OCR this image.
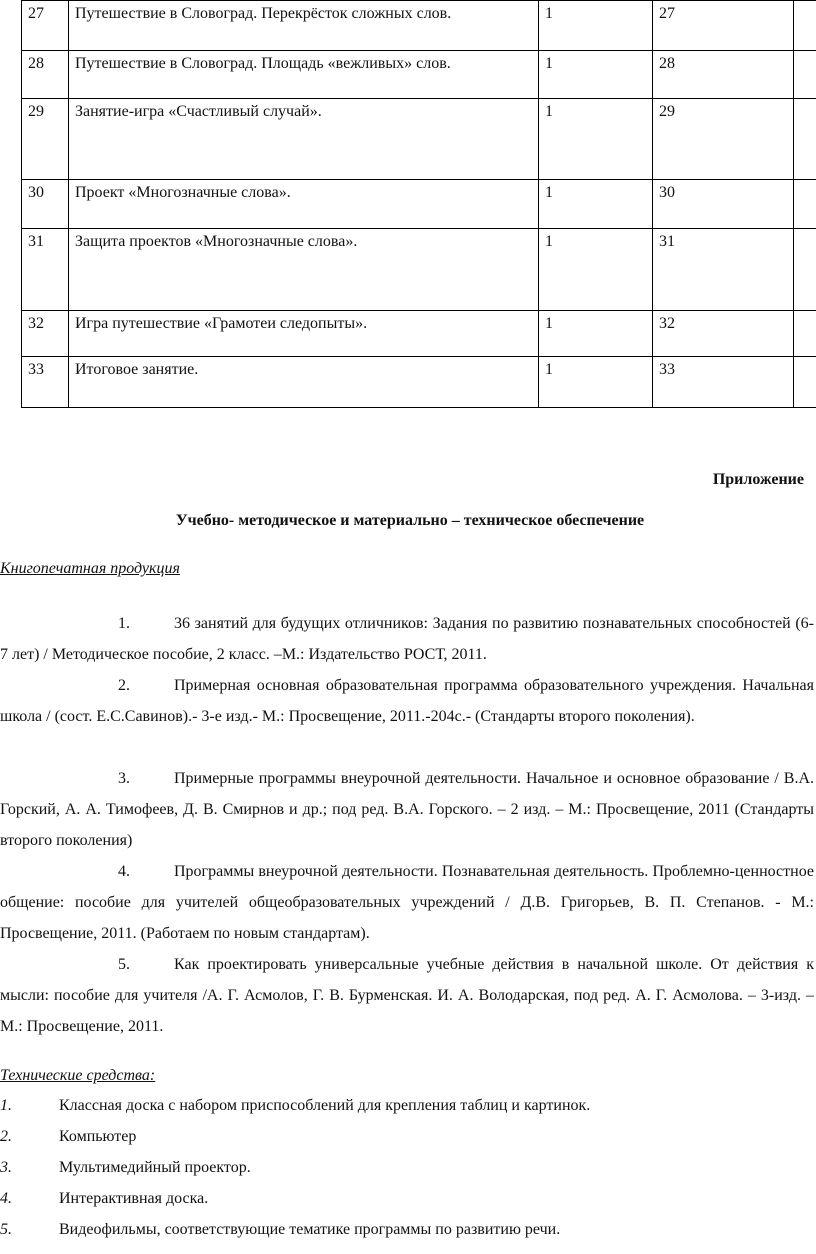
27	Путешествие в Словоград. Перекрёсток сложных слов.	1	27	
28	Путешествие в Словоград. Площадь «вежливых» слов.	1	28	
29	Занятие-игра «Счастливый случай».	1	29	
30	Проект «Многозначные слова».	1	30	
31	Защита проектов «Многозначные слова».	1	31	
32	Игра путешествие «Грамотеи следопыты».	1	32	
33	Итоговое занятие.	1	33	
Приложение
Учебно- методическое и материально – техническое обеспечение
Книгопечатная продукция
1.	36 занятий для будущих отличников: Задания по развитию познавательных способностей (6-7 лет) / Методическое пособие, 2 класс. –М.: Издательство РОСТ, 2011.
2.	Примерная основная образовательная программа образовательного учреждения. Начальная школа / (сост. Е.С.Савинов).- 3-е изд.- М.: Просвещение, 2011.-204с.- (Стандарты второго поколения).
3.	Примерные программы внеурочной деятельности. Начальное и основное образование / В.А. Горский, А. А. Тимофеев, Д. В. Смирнов и др.; под ред. В.А. Горского. – 2 изд. – М.: Просвещение, 2011 (Стандарты второго поколения)
4.	Программы внеурочной деятельности. Познавательная деятельность. Проблемно-ценностное общение: пособие для учителей общеобразовательных учреждений / Д.В. Григорьев, В. П. Степанов. - М.: Просвещение, 2011. (Работаем по новым стандартам).
5.	Как проектировать универсальные учебные действия в начальной школе. От действия к мысли: пособие для учителя /А. Г. Асмолов, Г. В. Бурменская. И. А. Володарская, под ред. А. Г. Асмолова. – 3-изд. – М.: Просвещение, 2011.
Технические средства:
1.	Классная доска с набором приспособлений для крепления таблиц и картинок.
2.	Компьютер
3.	Мультимедийный проектор.
4.	Интерактивная доска.
5.	Видеофильмы, соответствующие тематике программы по развитию речи.
